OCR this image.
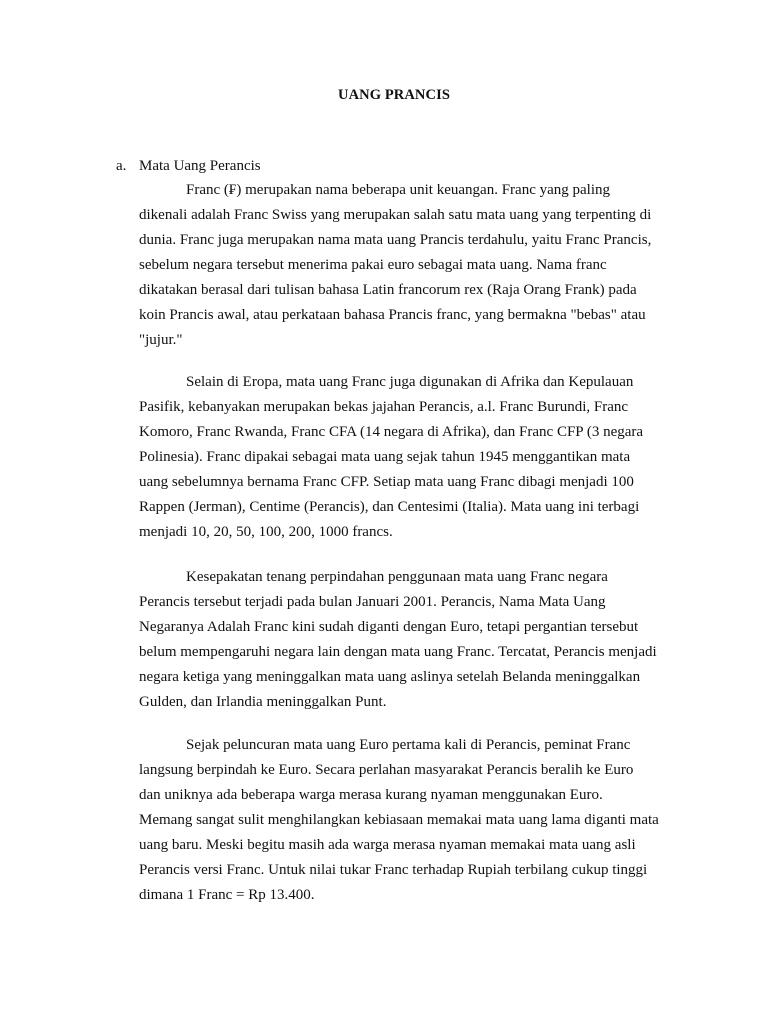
UANG PRANCIS
a. Mata Uang Perancis
Franc (₣) merupakan nama beberapa unit keuangan. Franc yang paling
dikenali adalah Franc Swiss yang merupakan salah satu mata uang yang terpenting di
dunia. Franc juga merupakan nama mata uang Prancis terdahulu, yaitu Franc Prancis,
sebelum negara tersebut menerima pakai euro sebagai mata uang. Nama franc
dikatakan berasal dari tulisan bahasa Latin francorum rex (Raja Orang Frank) pada
koin Prancis awal, atau perkataan bahasa Prancis franc, yang bermakna "bebas" atau
"jujur."
Selain di Eropa, mata uang Franc juga digunakan di Afrika dan Kepulauan
Pasifik, kebanyakan merupakan bekas jajahan Perancis, a.l. Franc Burundi, Franc
Komoro, Franc Rwanda, Franc CFA (14 negara di Afrika), dan Franc CFP (3 negara
Polinesia). Franc dipakai sebagai mata uang sejak tahun 1945 menggantikan mata
uang sebelumnya bernama Franc CFP. Setiap mata uang Franc dibagi menjadi 100
Rappen (Jerman), Centime (Perancis), dan Centesimi (Italia). Mata uang ini terbagi
menjadi 10, 20, 50, 100, 200, 1000 francs.
Kesepakatan tenang perpindahan penggunaan mata uang Franc negara
Perancis tersebut terjadi pada bulan Januari 2001. Perancis, Nama Mata Uang
Negaranya Adalah Franc kini sudah diganti dengan Euro, tetapi pergantian tersebut
belum mempengaruhi negara lain dengan mata uang Franc. Tercatat, Perancis menjadi
negara ketiga yang meninggalkan mata uang aslinya setelah Belanda meninggalkan
Gulden, dan Irlandia meninggalkan Punt.
Sejak peluncuran mata uang Euro pertama kali di Perancis, peminat Franc
langsung berpindah ke Euro. Secara perlahan masyarakat Perancis beralih ke Euro
dan uniknya ada beberapa warga merasa kurang nyaman menggunakan Euro.
Memang sangat sulit menghilangkan kebiasaan memakai mata uang lama diganti mata
uang baru. Meski begitu masih ada warga merasa nyaman memakai mata uang asli
Perancis versi Franc. Untuk nilai tukar Franc terhadap Rupiah terbilang cukup tinggi
dimana 1 Franc = Rp 13.400.
